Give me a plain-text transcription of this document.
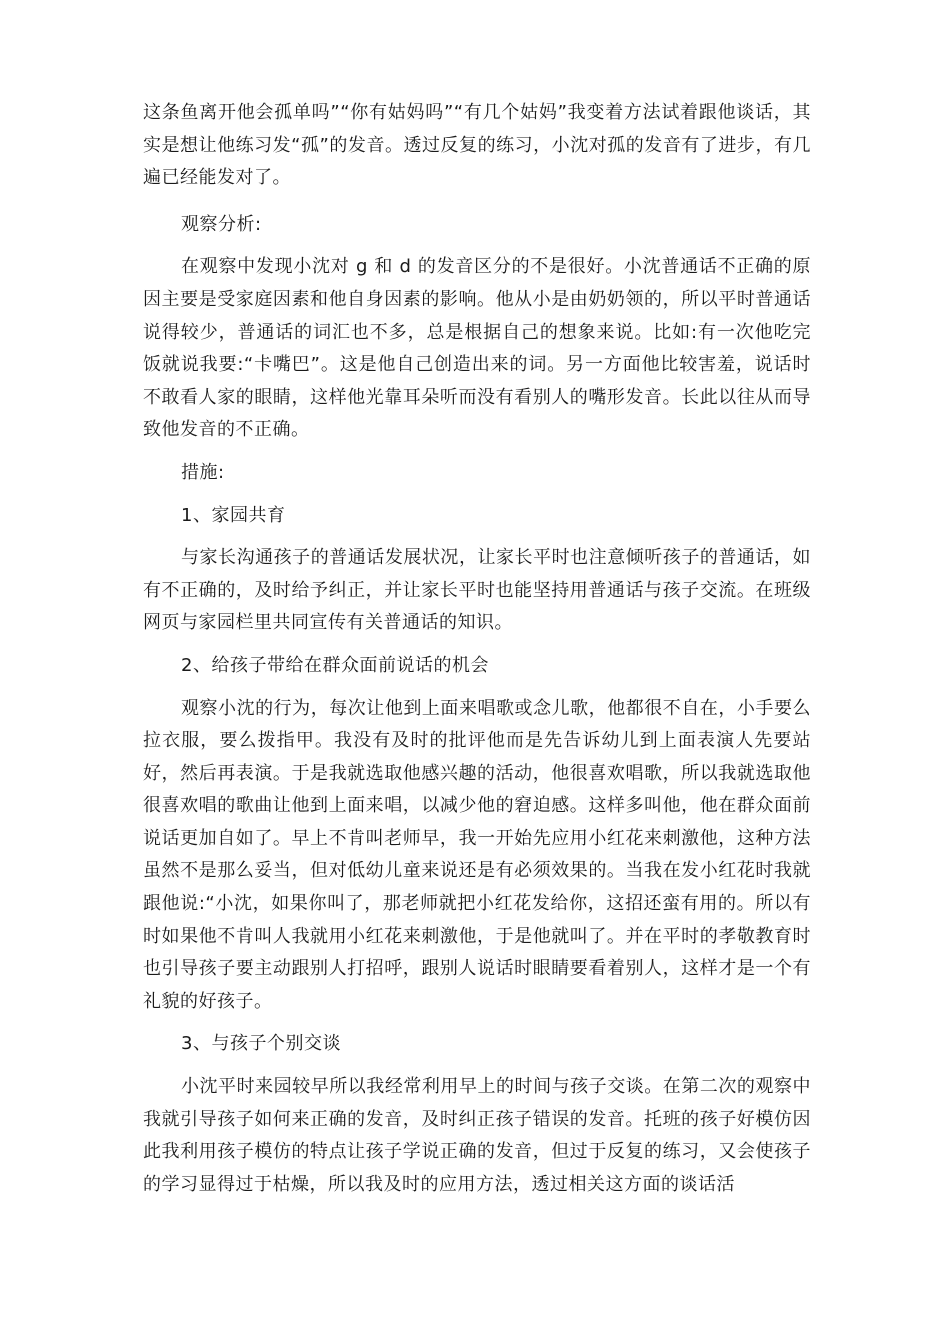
这条鱼离开他会孤单吗”“你有姑妈吗”“有几个姑妈”我变着方法试着跟他谈话，其实是想让他练习发“孤”的发音。透过反复的练习，小沈对孤的发音有了进步，有几遍已经能发对了。

观察分析:

在观察中发现小沈对 g 和 d 的发音区分的不是很好。小沈普通话不正确的原因主要是受家庭因素和他自身因素的影响。他从小是由奶奶领的，所以平时普通话说得较少，普通话的词汇也不多，总是根据自己的想象来说。比如:有一次他吃完饭就说我要:“卡嘴巴”。这是他自己创造出来的词。另一方面他比较害羞，说话时不敢看人家的眼睛，这样他光靠耳朵听而没有看别人的嘴形发音。长此以往从而导致他发音的不正确。

措施:

1、家园共育

与家长沟通孩子的普通话发展状况，让家长平时也注意倾听孩子的普通话，如有不正确的，及时给予纠正，并让家长平时也能坚持用普通话与孩子交流。在班级网页与家园栏里共同宣传有关普通话的知识。

2、给孩子带给在群众面前说话的机会

观察小沈的行为，每次让他到上面来唱歌或念儿歌，他都很不自在，小手要么拉衣服，要么拨指甲。我没有及时的批评他而是先告诉幼儿到上面表演人先要站好，然后再表演。于是我就选取他感兴趣的活动，他很喜欢唱歌，所以我就选取他很喜欢唱的歌曲让他到上面来唱，以减少他的窘迫感。这样多叫他，他在群众面前说话更加自如了。早上不肯叫老师早，我一开始先应用小红花来刺激他，这种方法虽然不是那么妥当，但对低幼儿童来说还是有必须效果的。当我在发小红花时我就跟他说:“小沈，如果你叫了，那老师就把小红花发给你，这招还蛮有用的。所以有时如果他不肯叫人我就用小红花来刺激他，于是他就叫了。并在平时的孝敬教育时也引导孩子要主动跟别人打招呼，跟别人说话时眼睛要看着别人，这样才是一个有礼貌的好孩子。

3、与孩子个别交谈

小沈平时来园较早所以我经常利用早上的时间与孩子交谈。在第二次的观察中我就引导孩子如何来正确的发音，及时纠正孩子错误的发音。托班的孩子好模仿因此我利用孩子模仿的特点让孩子学说正确的发音，但过于反复的练习，又会使孩子的学习显得过于枯燥，所以我及时的应用方法，透过相关这方面的谈话活
